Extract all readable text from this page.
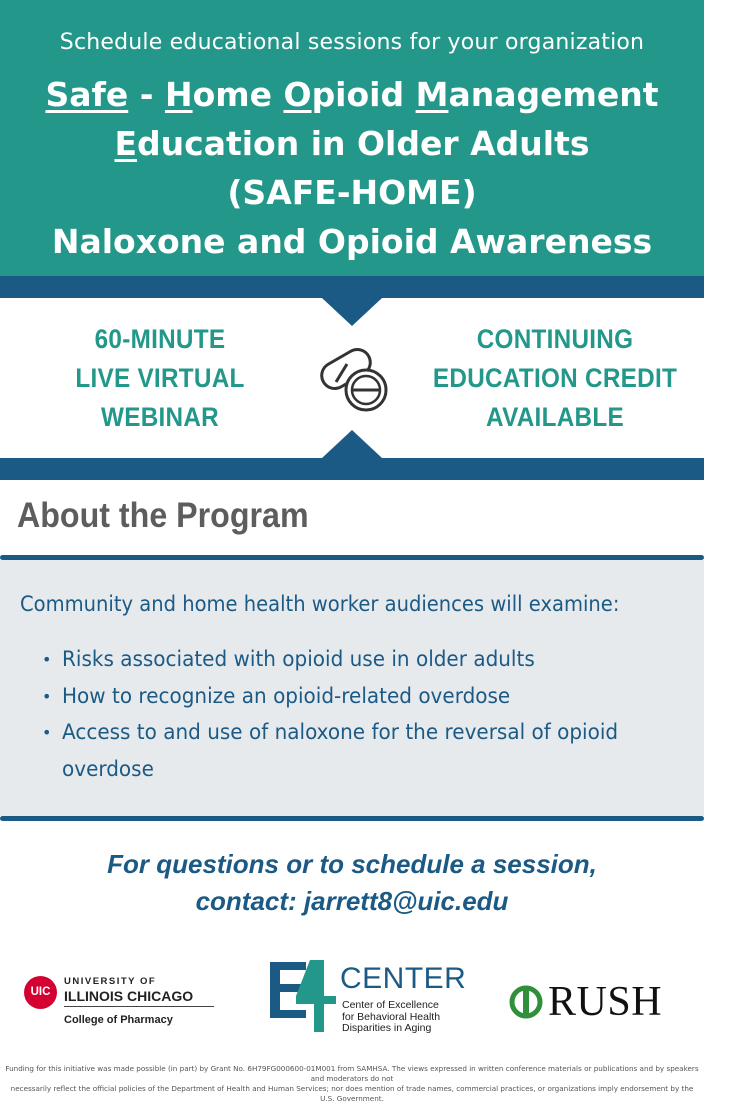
Schedule educational sessions for your organization
Safe - Home Opioid Management
Education in Older Adults
(SAFE-HOME)
Naloxone and Opioid Awareness
60-MINUTE
LIVE VIRTUAL
WEBINAR
CONTINUING
EDUCATION CREDIT
AVAILABLE
About the Program
Community and home health worker audiences will examine:
• Risks associated with opioid use in older adults
• How to recognize an opioid-related overdose
• Access to and use of naloxone for the reversal of opioid overdose
For questions or to schedule a session,
contact: jarrett8@uic.edu
UIC
UNIVERSITY OF
ILLINOIS CHICAGO
College of Pharmacy
CENTER
Center of Excellence
for Behavioral Health
Disparities in Aging
RUSH
Funding for this initiative was made possible (in part) by Grant No. 6H79FG000600-01M001 from SAMHSA. The views expressed in written conference materials or publications and by speakers and moderators do not
necessarily reflect the official policies of the Department of Health and Human Services; nor does mention of trade names, commercial practices, or organizations imply endorsement by the U.S. Government.
